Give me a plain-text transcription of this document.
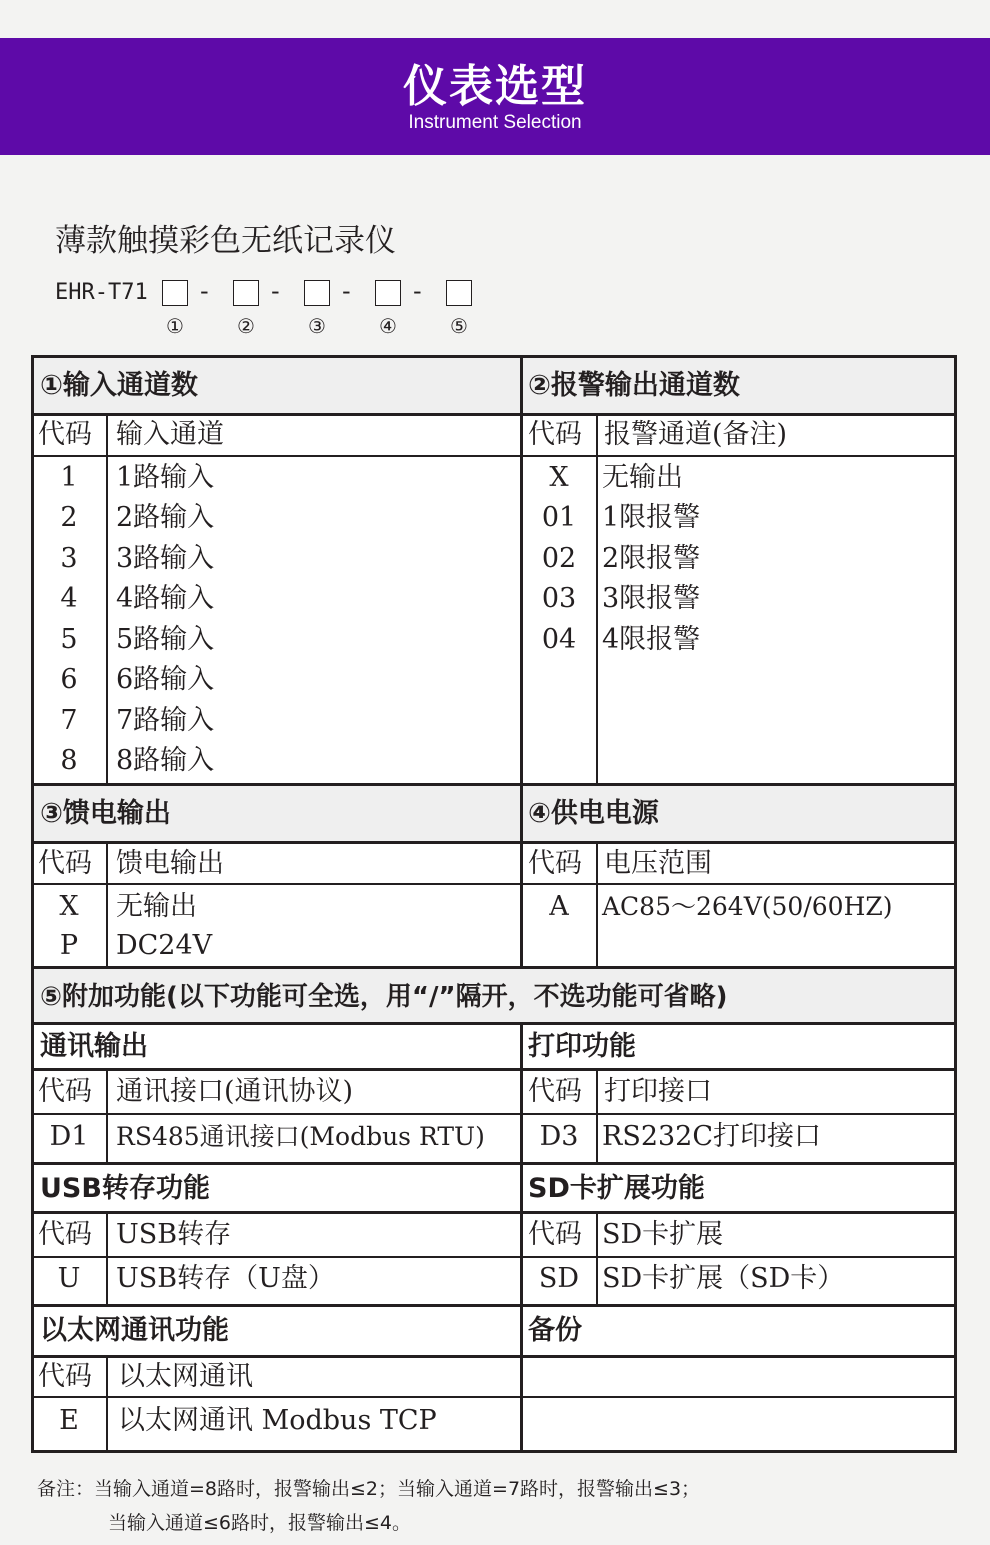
仪表选型
Instrument Selection
薄款触摸彩色无纸记录仪
EHR-T71 -	-	-	-
①	②	③	④	⑤
①输入通道数
代码 输入通道
1	1路输入
2	2路输入
3	3路输入
4	4路输入
5	5路输入
6	6路输入
7	7路输入
8	8路输入
②报警输出通道数
代码 报警通道(备注)
X	无输出
01 1限报警
02 2限报警
03 3限报警
04 4限报警
③馈电输出
代码 馈电输出
X	无输出
P	DC24V
④供电电源
代码 电压范围
A	AC85～264V(50/60HZ)
⑤附加功能(以下功能可全选，用“/”隔开，不选功能可省略)
通讯输出
代码 通讯接口(通讯协议)
D1	RS485通讯接口(Modbus RTU)
打印功能
代码 打印接口
D3 RS232C打印接口
USB转存功能
代码 USB转存
U	USB转存（U盘）
SD卡扩展功能
代码 SD卡扩展
SD SD卡扩展（SD卡）
以太网通讯功能
代码 以太网通讯
E	以太网通讯 Modbus TCP
备份
备注：当输入通道=8路时，报警输出≤2；当输入通道=7路时，报警输出≤3；
当输入通道≤6路时，报警输出≤4。
